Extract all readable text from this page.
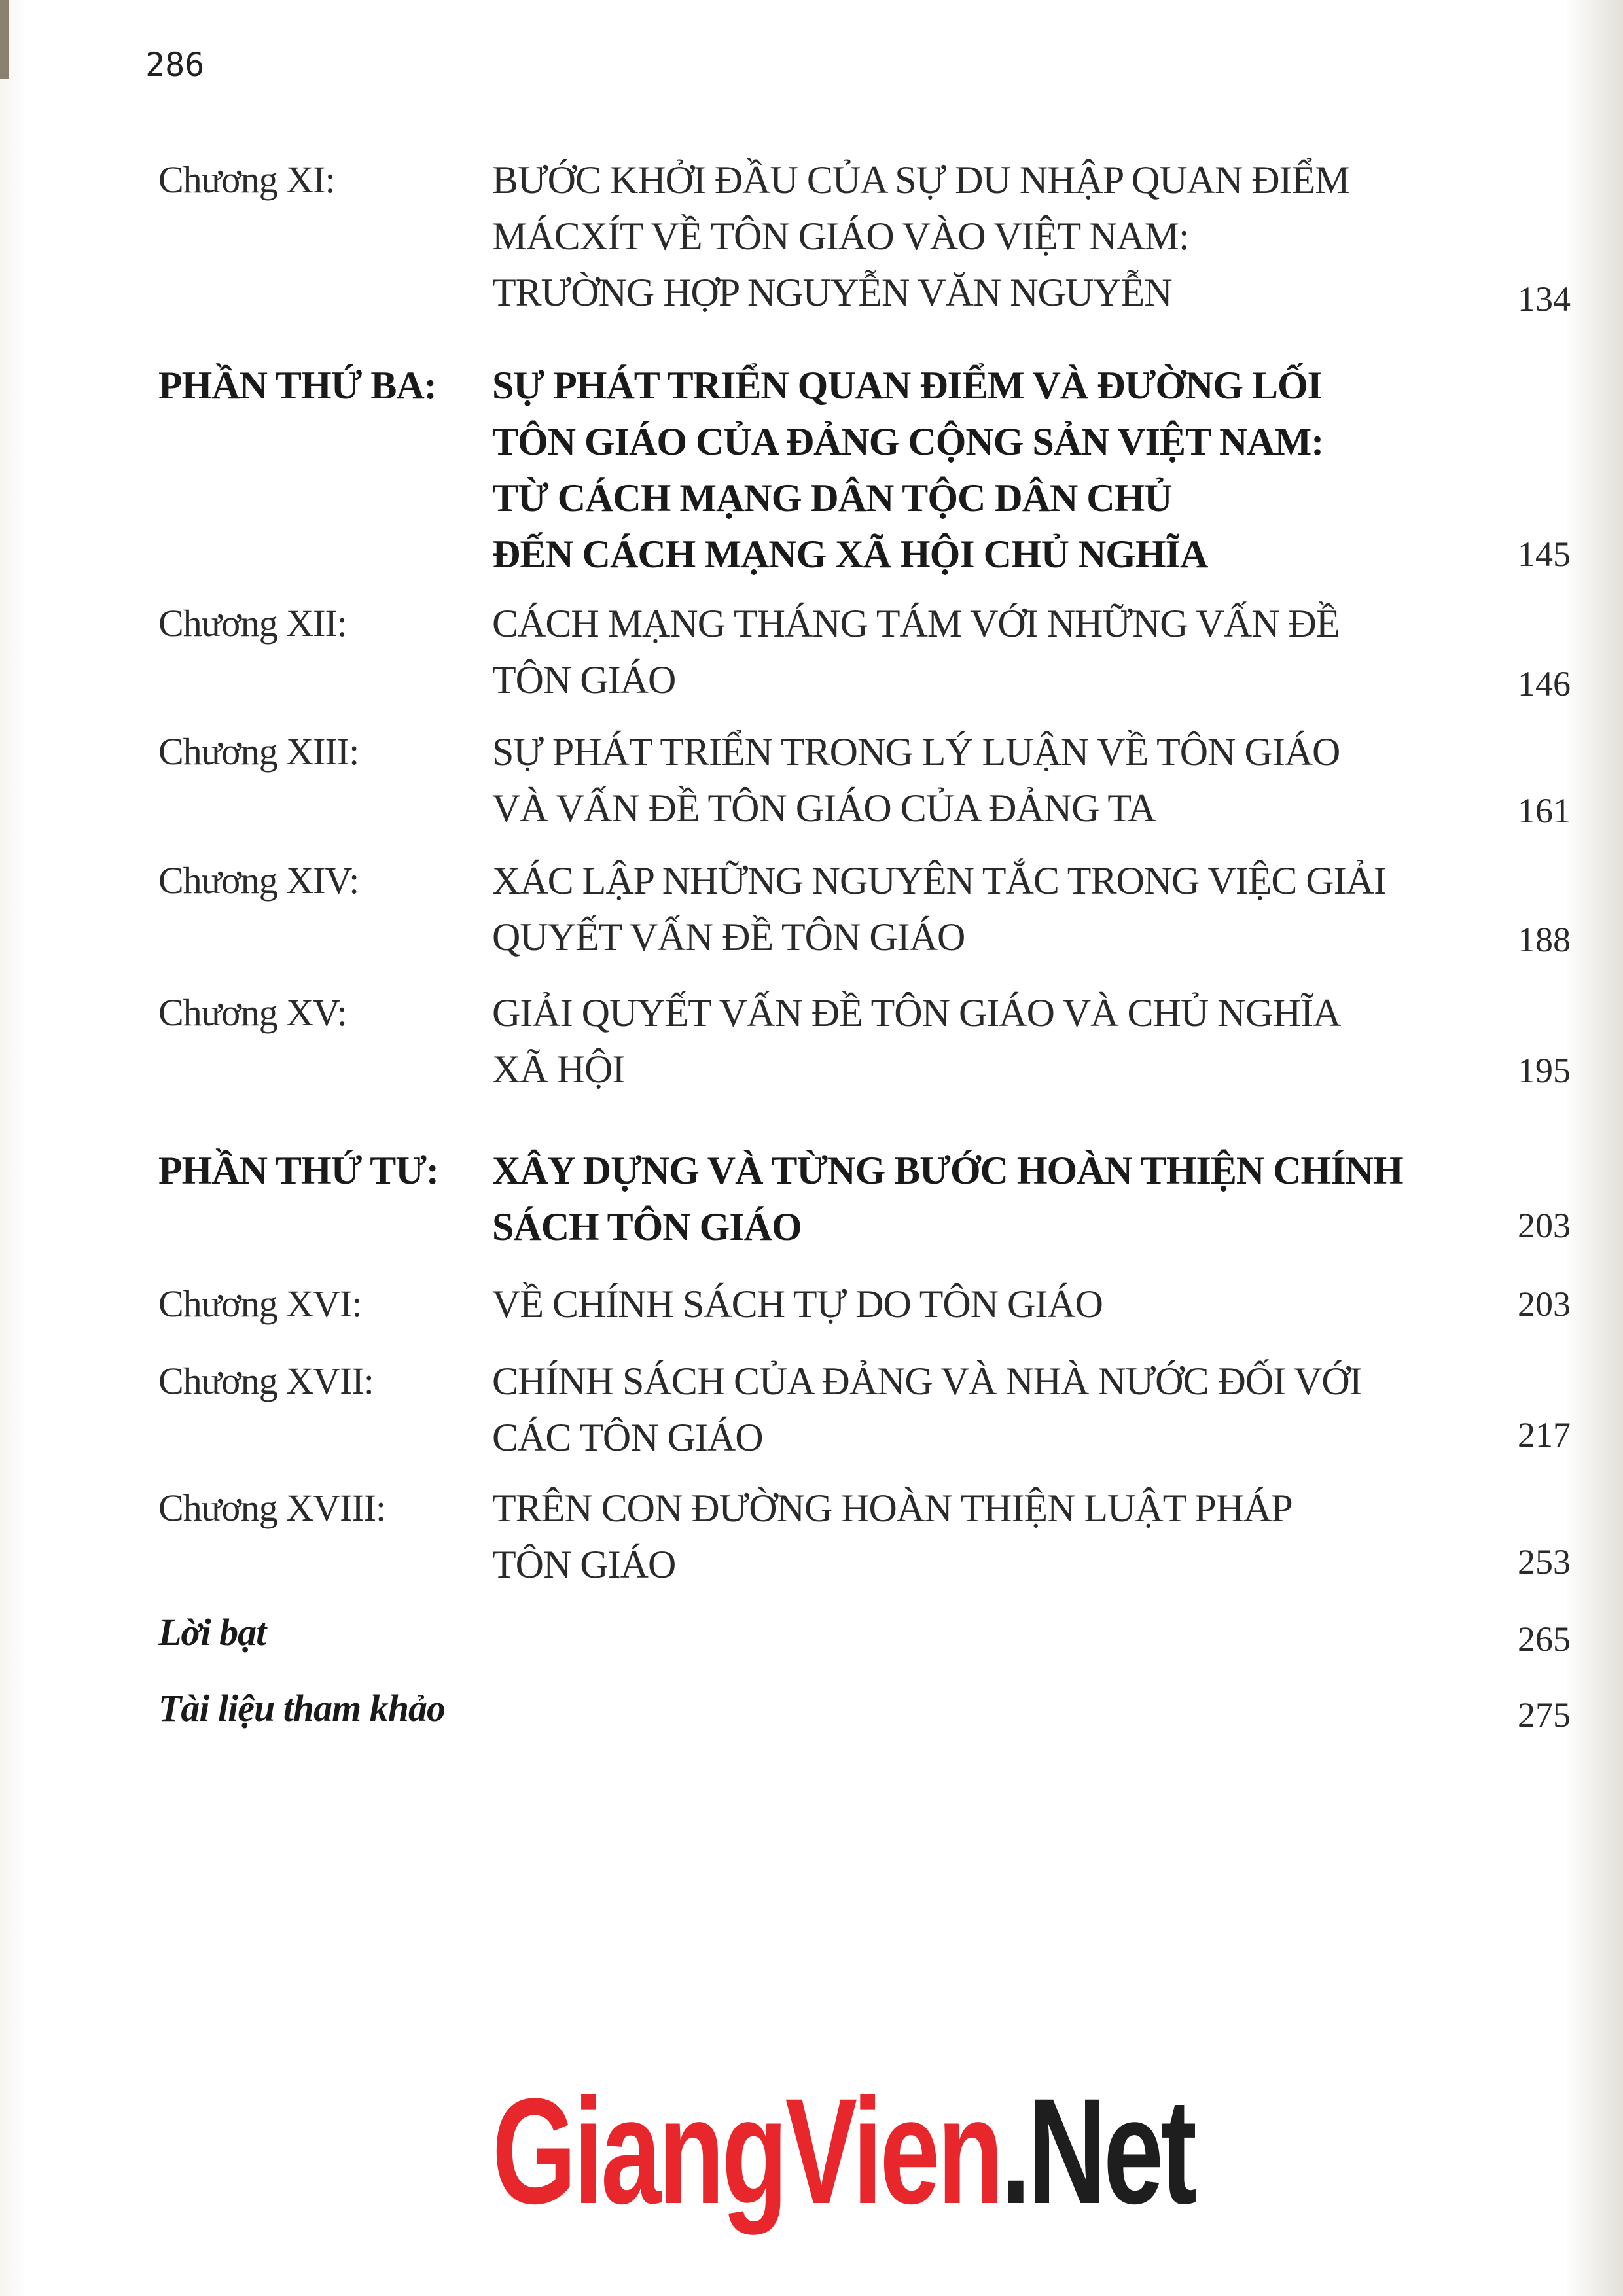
286
Chương XI:	BƯỚC KHỞI ĐẦU CỦA SỰ DU NHẬP QUAN ĐIỂM
MÁCXÍT VỀ TÔN GIÁO VÀO VIỆT NAM:
TRƯỜNG HỢP NGUYỄN VĂN NGUYỄN	134
PHẦN THỨ BA: SỰ PHÁT TRIỂN QUAN ĐIỂM VÀ ĐƯỜNG LỐI
TÔN GIÁO CỦA ĐẢNG CỘNG SẢN VIỆT NAM:
TỪ CÁCH MẠNG DÂN TỘC DÂN CHỦ
ĐẾN CÁCH MẠNG XÃ HỘI CHỦ NGHĨA	145
Chương XII:	CÁCH MẠNG THÁNG TÁM VỚI NHỮNG VẤN ĐỀ
TÔN GIÁO	146
Chương XIII:	SỰ PHÁT TRIỂN TRONG LÝ LUẬN VỀ TÔN GIÁO
VÀ VẤN ĐỀ TÔN GIÁO CỦA ĐẢNG TA	161
Chương XIV:	XÁC LẬP NHỮNG NGUYÊN TẮC TRONG VIỆC GIẢI
QUYẾT VẤN ĐỀ TÔN GIÁO	188
Chương XV:	GIẢI QUYẾT VẤN ĐỀ TÔN GIÁO VÀ CHỦ NGHĨA
XÃ HỘI	195
PHẦN THỨ TƯ: XÂY DỰNG VÀ TỪNG BƯỚC HOÀN THIỆN CHÍNH
SÁCH TÔN GIÁO	203
Chương XVI:	VỀ CHÍNH SÁCH TỰ DO TÔN GIÁO	203
Chương XVII:	CHÍNH SÁCH CỦA ĐẢNG VÀ NHÀ NƯỚC ĐỐI VỚI
CÁC TÔN GIÁO	217
Chương XVIII:	TRÊN CON ĐƯỜNG HOÀN THIỆN LUẬT PHÁP
TÔN GIÁO	253
Lời bạt	265
Tài liệu tham khảo	275
GiangVien.Net
